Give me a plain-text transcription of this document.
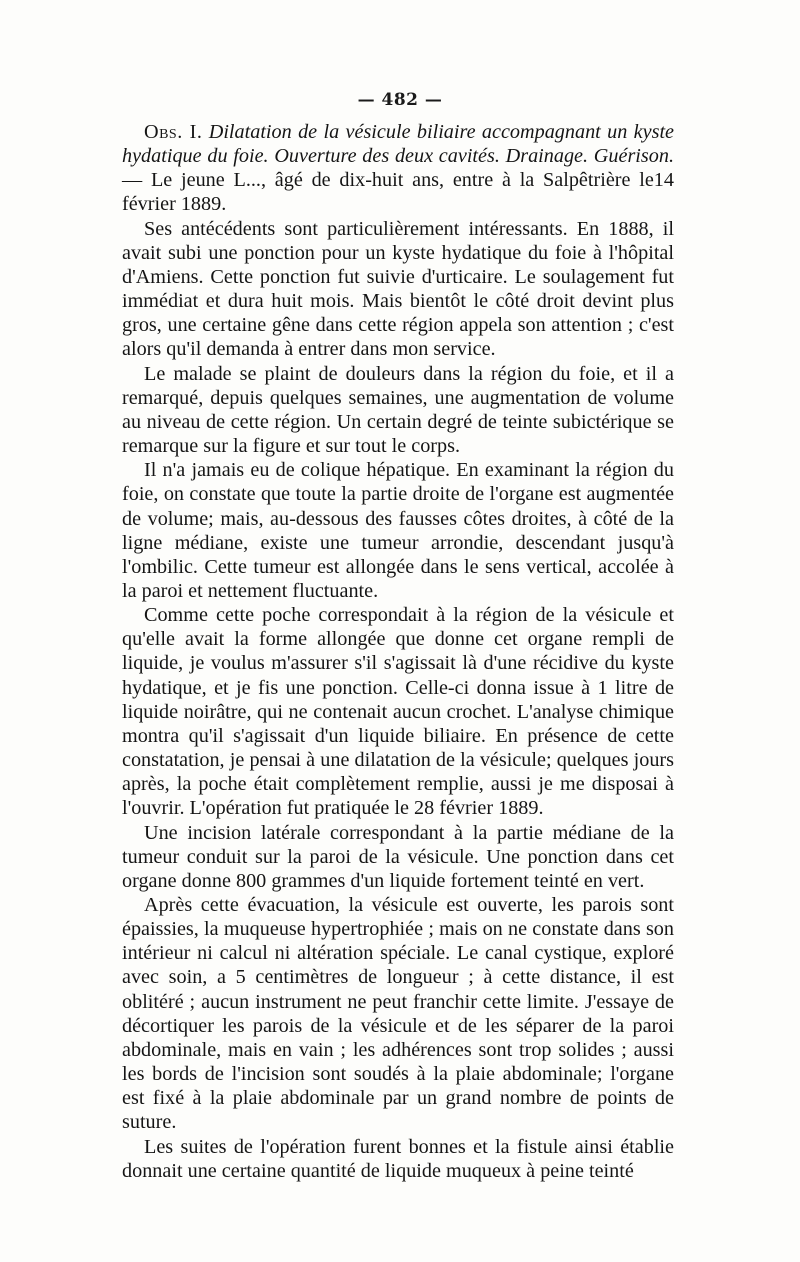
— 482 —

Obs. I. Dilatation de la vésicule biliaire accompagnant un kyste hydatique du foie. Ouverture des deux cavités. Drainage. Guérison. — Le jeune L..., âgé de dix-huit ans, entre à la Salpêtrière le14 février 1889.

Ses antécédents sont particulièrement intéressants. En 1888, il avait subi une ponction pour un kyste hydatique du foie à l'hôpital d'Amiens. Cette ponction fut suivie d'urticaire. Le soulagement fut immédiat et dura huit mois. Mais bientôt le côté droit devint plus gros, une certaine gêne dans cette région appela son attention ; c'est alors qu'il demanda à entrer dans mon service.

Le malade se plaint de douleurs dans la région du foie, et il a remarqué, depuis quelques semaines, une augmentation de volume au niveau de cette région. Un certain degré de teinte subictérique se remarque sur la figure et sur tout le corps.

Il n'a jamais eu de colique hépatique. En examinant la région du foie, on constate que toute la partie droite de l'organe est augmentée de volume; mais, au-dessous des fausses côtes droites, à côté de la ligne médiane, existe une tumeur arrondie, descendant jusqu'à l'ombilic. Cette tumeur est allongée dans le sens vertical, accolée à la paroi et nettement fluctuante.

Comme cette poche correspondait à la région de la vésicule et qu'elle avait la forme allongée que donne cet organe rempli de liquide, je voulus m'assurer s'il s'agissait là d'une récidive du kyste hydatique, et je fis une ponction. Celle-ci donna issue à 1 litre de liquide noirâtre, qui ne contenait aucun crochet. L'analyse chimique montra qu'il s'agissait d'un liquide biliaire. En présence de cette constatation, je pensai à une dilatation de la vésicule; quelques jours après, la poche était complètement remplie, aussi je me disposai à l'ouvrir. L'opération fut pratiquée le 28 février 1889.

Une incision latérale correspondant à la partie médiane de la tumeur conduit sur la paroi de la vésicule. Une ponction dans cet organe donne 800 grammes d'un liquide fortement teinté en vert.

Après cette évacuation, la vésicule est ouverte, les parois sont épaissies, la muqueuse hypertrophiée ; mais on ne constate dans son intérieur ni calcul ni altération spéciale. Le canal cystique, exploré avec soin, a 5 centimètres de longueur ; à cette distance, il est oblitéré ; aucun instrument ne peut franchir cette limite. J'essaye de décortiquer les parois de la vésicule et de les séparer de la paroi abdominale, mais en vain ; les adhérences sont trop solides ; aussi les bords de l'incision sont soudés à la plaie abdominale; l'organe est fixé à la plaie abdominale par un grand nombre de points de suture.

Les suites de l'opération furent bonnes et la fistule ainsi établie donnait une certaine quantité de liquide muqueux à peine teinté
